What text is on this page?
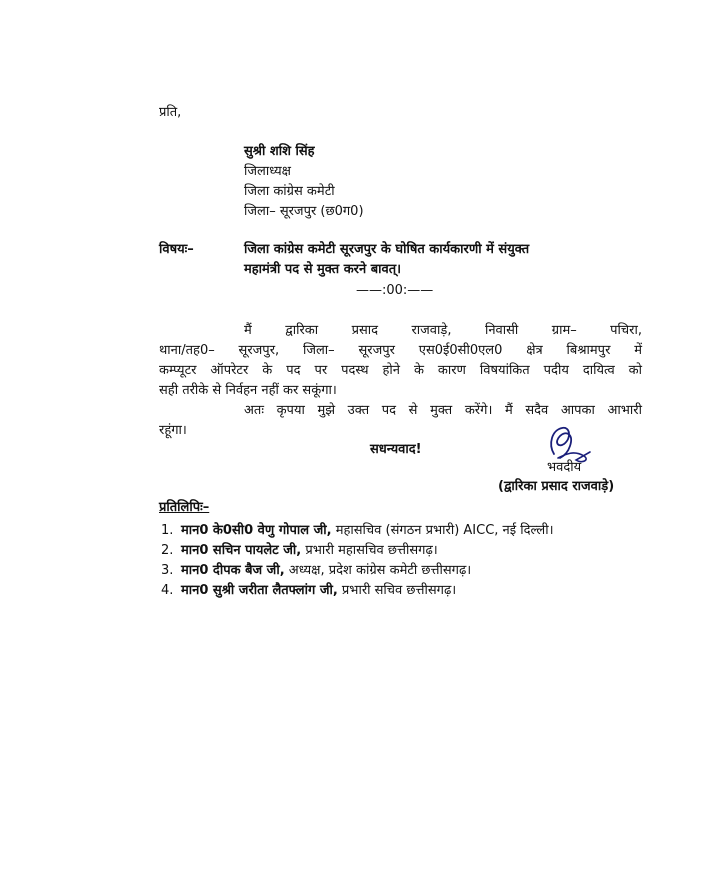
प्रति,
सुश्री शशि सिंह
जिलाध्यक्ष
जिला कांग्रेस कमेटी
जिला– सूरजपुर (छ0ग0)
विषयः–	जिला कांग्रेस कमेटी सूरजपुर के घोषित कार्यकारणी में संयुक्त
महामंत्री पद से मुक्त करने बावत्।
——:00:——
मैं द्वारिका प्रसाद राजवाड़े, निवासी ग्राम– पचिरा,
थाना/तह0– सूरजपुर, जिला– सूरजपुर एस0ई0सी0एल0 क्षेत्र बिश्रामपुर में
कम्प्यूटर ऑपरेटर के पद पर पदस्थ होने के कारण विषयांकित पदीय दायित्व को
सही तरीके से निर्वहन नहीं कर सकूंगा।
अतः कृपया मुझे उक्त पद से मुक्त करेंगे। मैं सदैव आपका आभारी
रहूंगा।
सधन्यवाद!
भवदीय
(द्वारिका प्रसाद राजवाड़े)
प्रतिलिपिः–
1. मान0 के0सी0 वेणु गोपाल जी, महासचिव (संगठन प्रभारी) AICC, नई दिल्ली।
2. मान0 सचिन पायलेट जी, प्रभारी महासचिव छत्तीसगढ़।
3. मान0 दीपक बैज जी, अध्यक्ष, प्रदेश कांग्रेस कमेटी छत्तीसगढ़।
4. मान0 सुश्री जरीता लैतफ्लांग जी, प्रभारी सचिव छत्तीसगढ़।
